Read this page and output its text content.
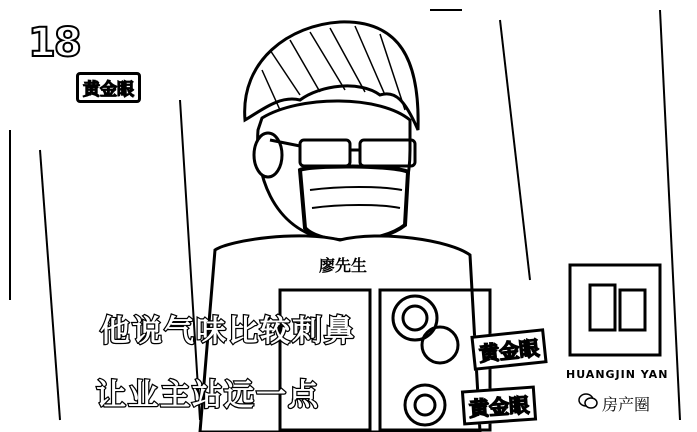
18
黄金眼
廖先生
他说气味比较刺鼻
让业主站远一点
黄金眼
黄金眼
HUANGJIN YAN
房产圈
